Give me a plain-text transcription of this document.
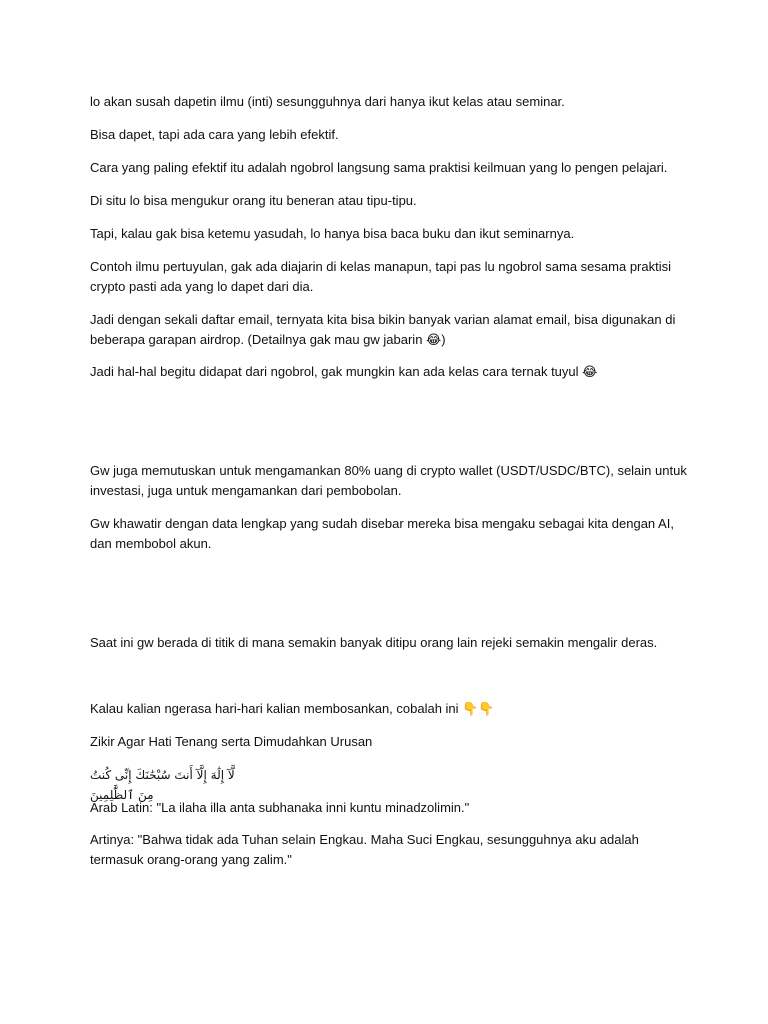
lo akan susah dapetin ilmu (inti) sesungguhnya dari hanya ikut kelas atau seminar.

Bisa dapet, tapi ada cara yang lebih efektif.

Cara yang paling efektif itu adalah ngobrol langsung sama praktisi keilmuan yang lo pengen pelajari.

Di situ lo bisa mengukur orang itu beneran atau tipu-tipu.

Tapi, kalau gak bisa ketemu yasudah, lo hanya bisa baca buku dan ikut seminarnya.

Contoh ilmu pertuyulan, gak ada diajarin di kelas manapun, tapi pas lu ngobrol sama sesama praktisi crypto pasti ada yang lo dapet dari dia.

Jadi dengan sekali daftar email, ternyata kita bisa bikin banyak varian alamat email, bisa digunakan di beberapa garapan airdrop. (Detailnya gak mau gw jabarin 😂)

Jadi hal-hal begitu didapat dari ngobrol, gak mungkin kan ada kelas cara ternak tuyul 😂

Gw juga memutuskan untuk mengamankan 80% uang di crypto wallet (USDT/USDC/BTC), selain untuk investasi, juga untuk mengamankan dari pembobolan.

Gw khawatir dengan data lengkap yang sudah disebar mereka bisa mengaku sebagai kita dengan AI, dan membobol akun.

Saat ini gw berada di titik di mana semakin banyak ditipu orang lain rejeki semakin mengalir deras.

Kalau kalian ngerasa hari-hari kalian membosankan, cobalah ini 👇👇

Zikir Agar Hati Tenang serta Dimudahkan Urusan

لَّآ إِلَٰهَ إِلَّآ أَنتَ سُبْحَٰنَكَ إِنِّى كُنتُ مِنَ ٱلظَّٰلِمِينَ

Arab Latin: "La ilaha illa anta subhanaka inni kuntu minadzolimin."

Artinya: "Bahwa tidak ada Tuhan selain Engkau. Maha Suci Engkau, sesungguhnya aku adalah termasuk orang-orang yang zalim."
